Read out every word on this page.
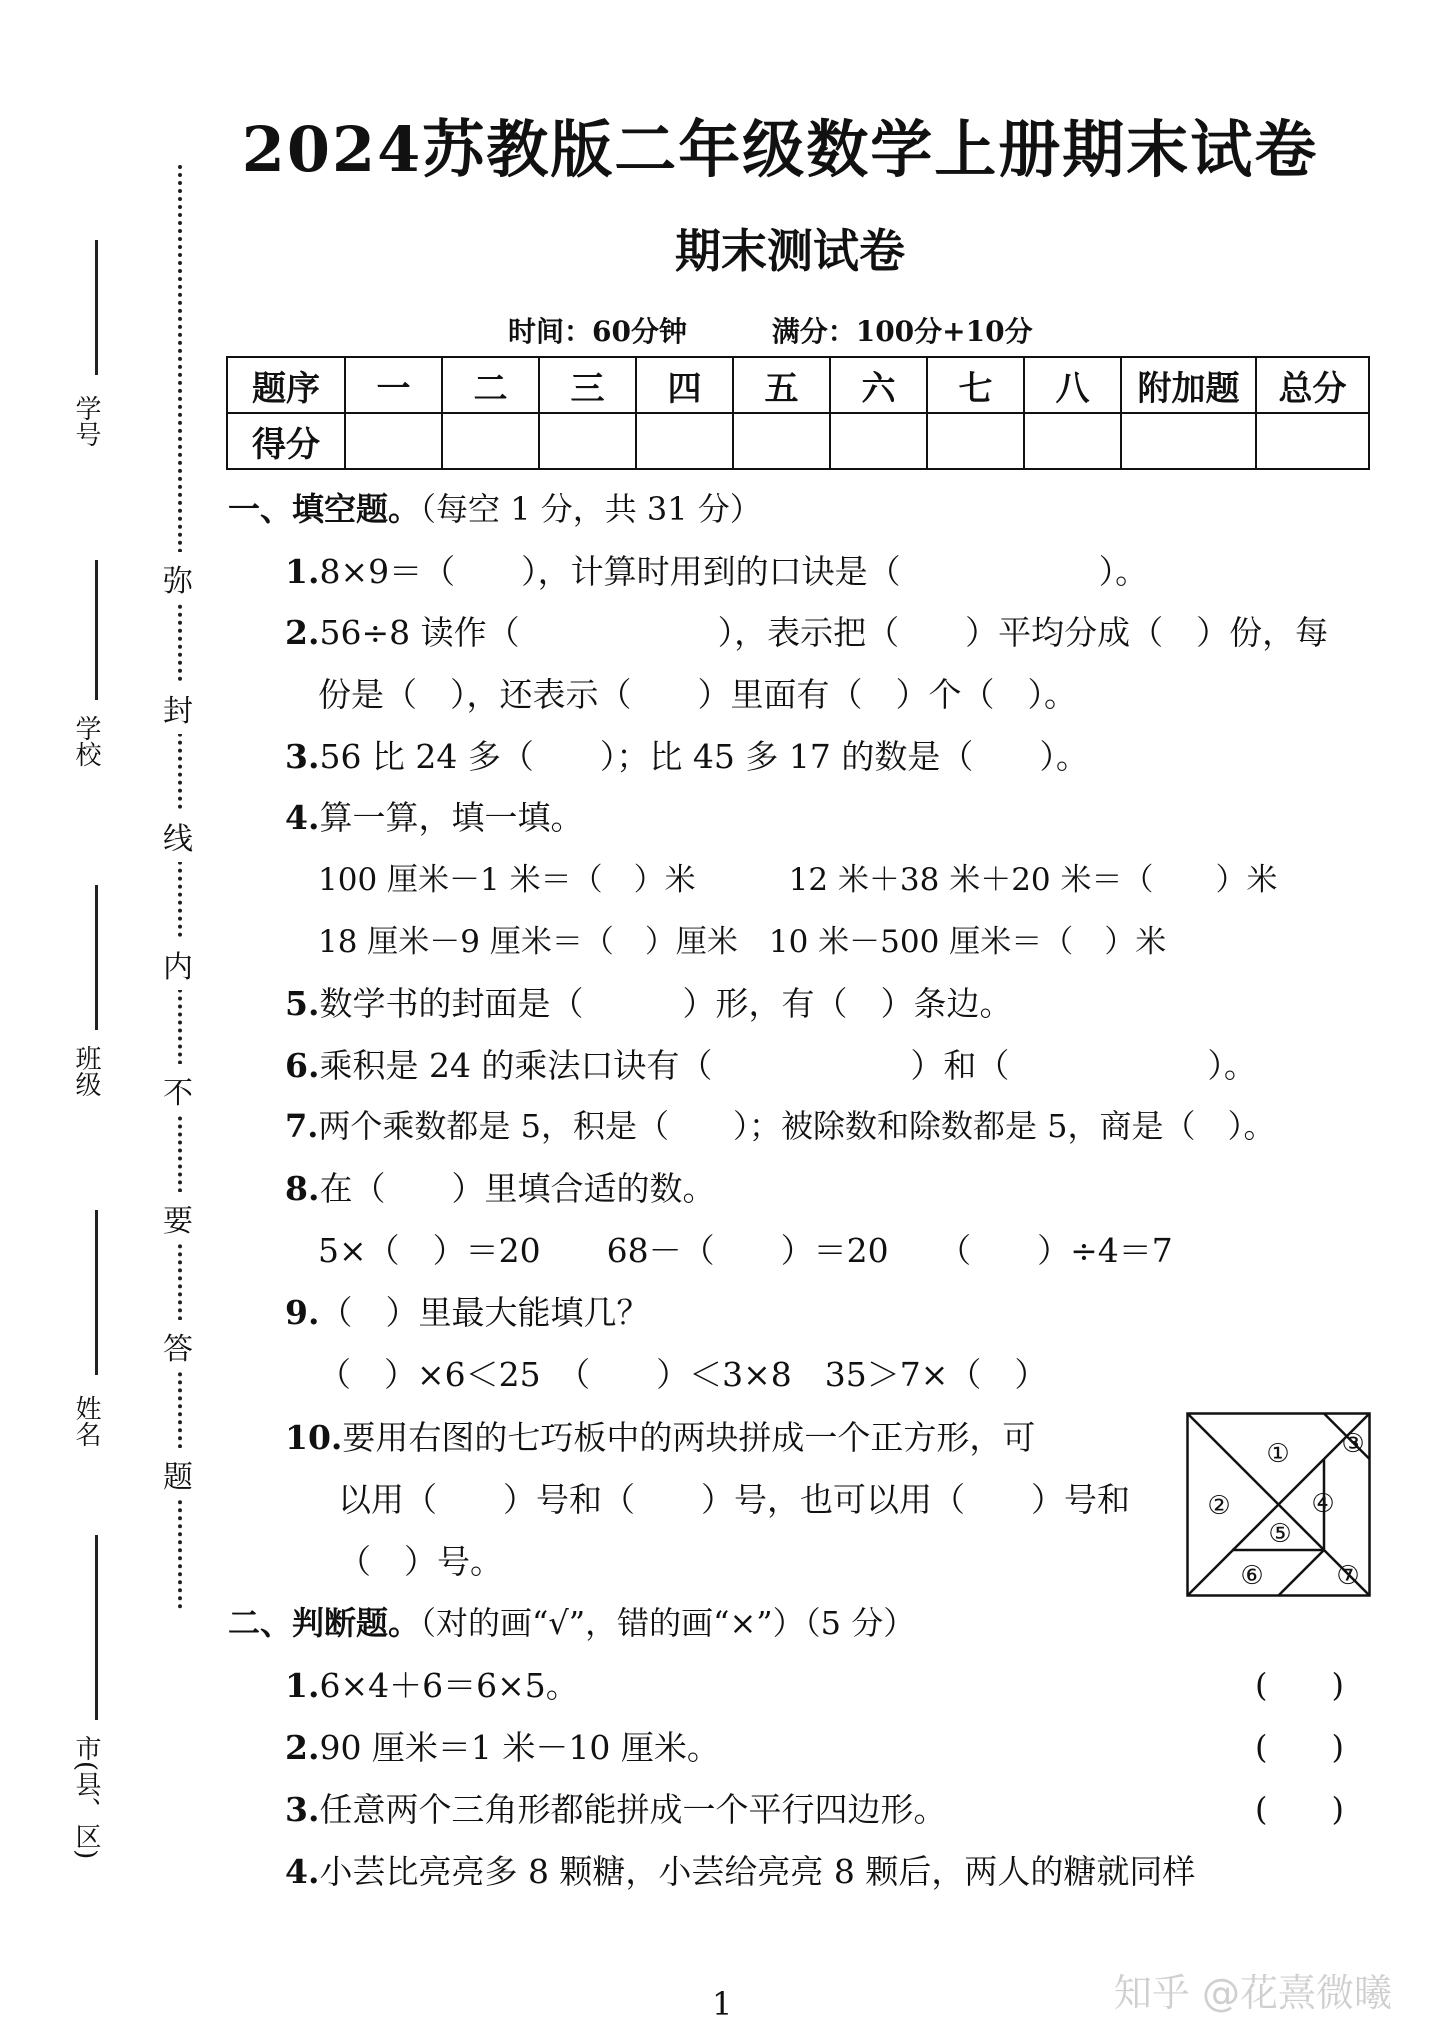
学号
学校
班级
姓名
市(县、区)
弥
封
线
内
不
要
答
题
2024苏教版二年级数学上册期末试卷
期末测试卷
时间：60分钟	满分：100分+10分
题序	一	二	三	四	五	六	七	八	附加题	总分
得分										
一、填空题。（每空 1 分，共 31 分）
1.8×9＝（　　），计算时用到的口诀是（　　　　　　）。
2.56÷8 读作（　　　　　　），表示把（　　）平均分成（　）份，每
份是（　），还表示（　　）里面有（　）个（　）。
3.56 比 24 多（　　）；比 45 多 17 的数是（　　）。
4.算一算，填一填。
100 厘米－1 米＝（　）米　　　12 米＋38 米＋20 米＝（　　）米
18 厘米－9 厘米＝（　）厘米　10 米－500 厘米＝（　）米
5.数学书的封面是（　　　）形，有（　）条边。
6.乘积是 24 的乘法口诀有（　　　　　　）和（　　　　　　）。
7.两个乘数都是 5，积是（　　）；被除数和除数都是 5，商是（　）。
8.在（　　）里填合适的数。
5×（　）＝20　　68－（　　）＝20　　（　　）÷4＝7
9.（　）里最大能填几？
（　）×6＜25　（　　）＜3×8　35＞7×（　）
10.要用右图的七巧板中的两块拼成一个正方形，可
以用（　　）号和（　　）号，也可以用（　　）号和
（　）号。
①
②
③
④
⑤
⑥	⑦
二、判断题。（对的画“√”，错的画“×”）（5 分）
1.6×4＋6＝6×5。	(　　)
2.90 厘米＝1 米－10 厘米。	(　　)
3.任意两个三角形都能拼成一个平行四边形。	(　　)
4.小芸比亮亮多 8 颗糖，小芸给亮亮 8 颗后，两人的糖就同样
知乎 @花熹微曦
1
